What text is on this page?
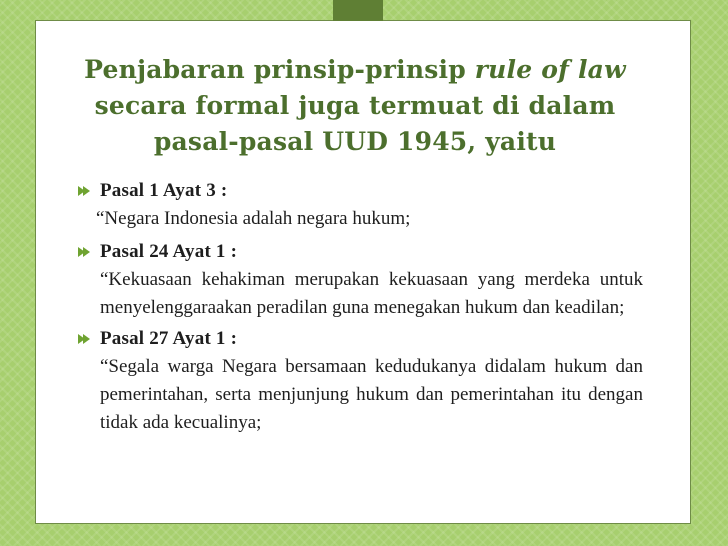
Penjabaran prinsip-prinsip rule of law
secara formal juga termuat di dalam
pasal-pasal UUD 1945, yaitu
Pasal 1 Ayat 3 :
“Negara Indonesia adalah negara hukum;
Pasal 24 Ayat 1 :
“Kekuasaan kehakiman merupakan kekuasaan yang merdeka untuk menyelenggaraakan peradilan guna menegakan hukum dan keadilan;
Pasal 27 Ayat 1 :
“Segala warga Negara bersamaan kedudukanya didalam hukum dan pemerintahan, serta menjunjung hukum dan pemerintahan itu dengan tidak ada kecualinya;
